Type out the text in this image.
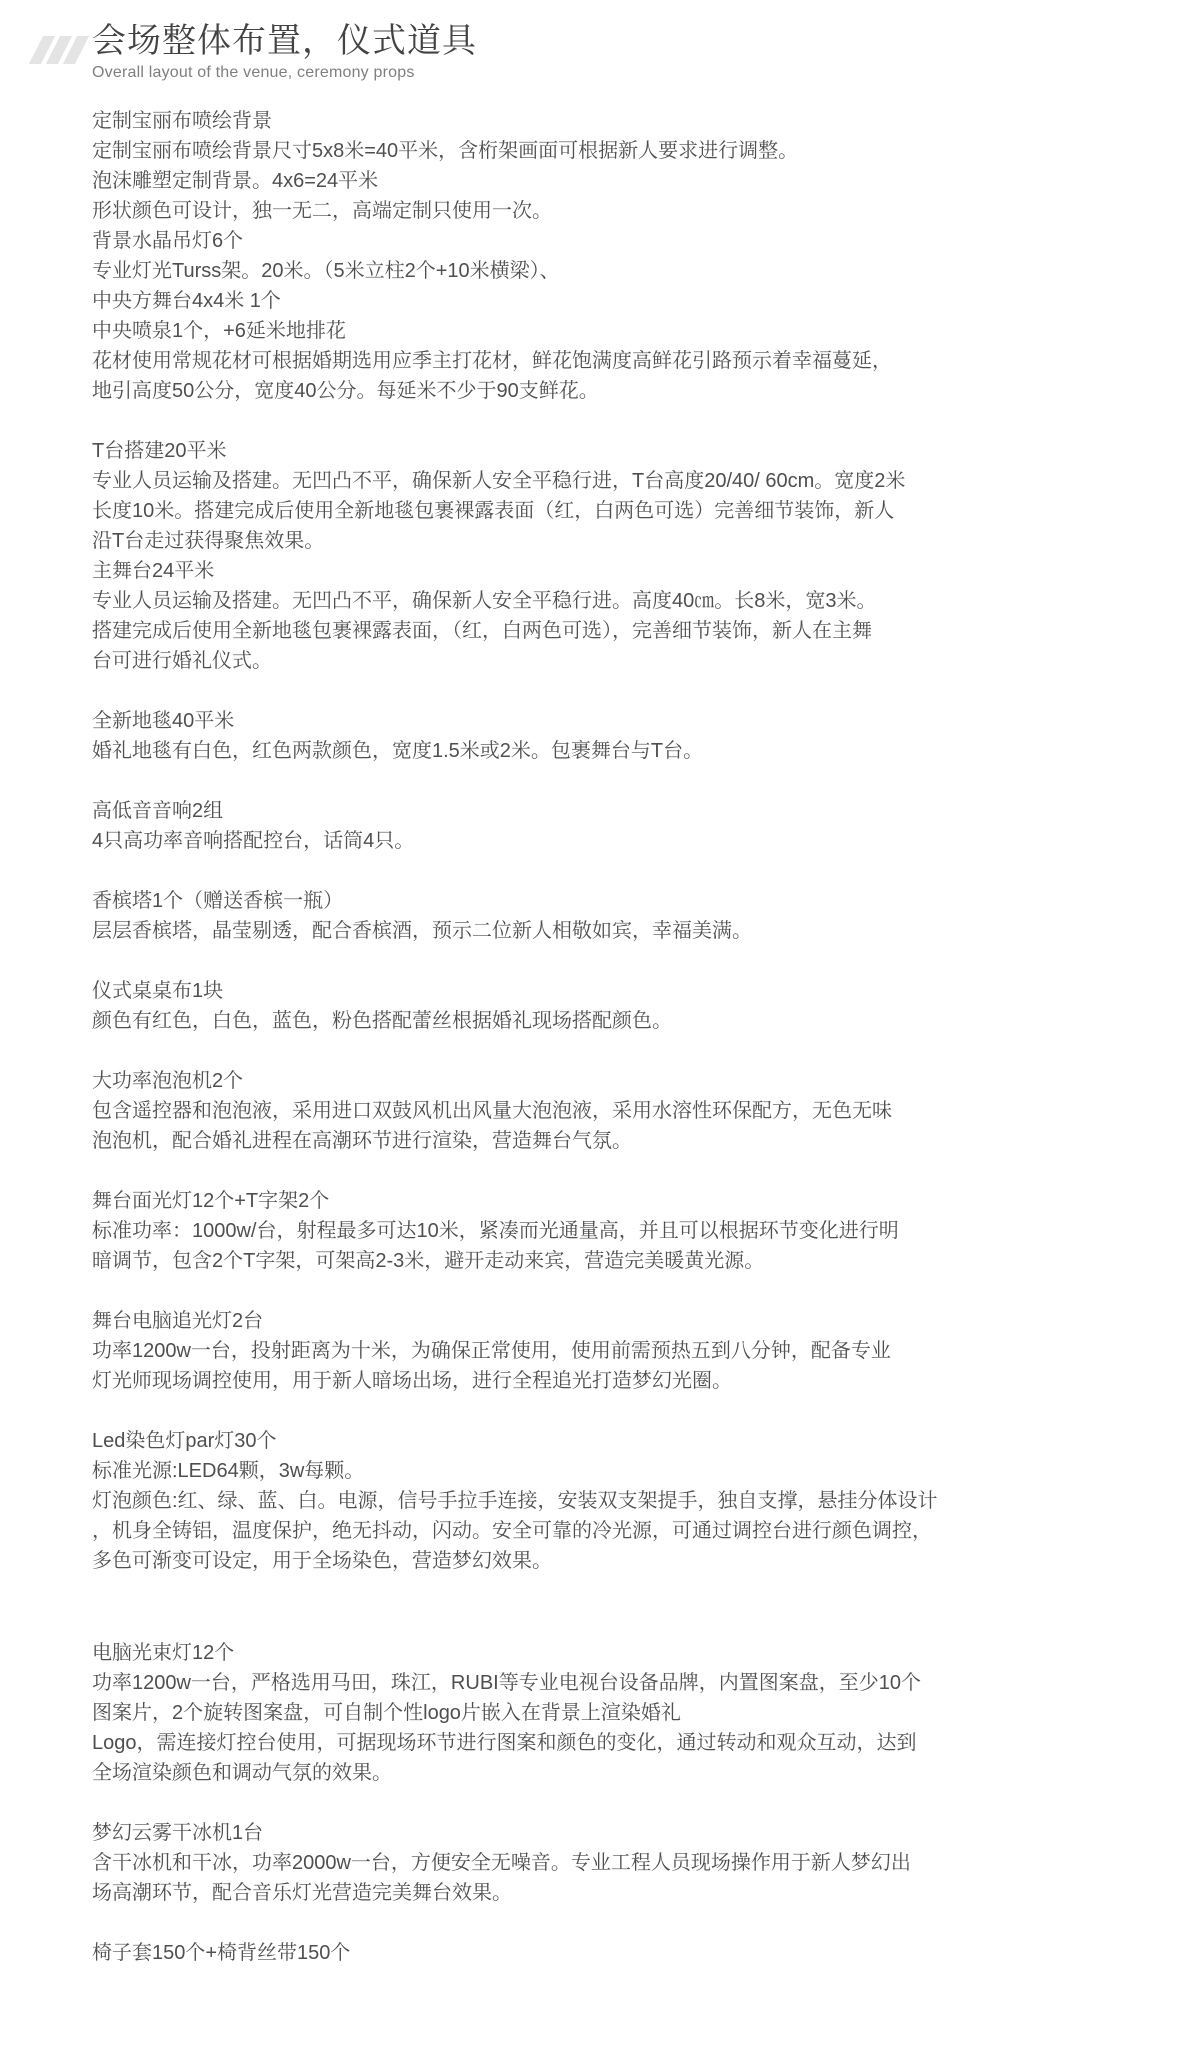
会场整体布置，仪式道具
Overall layout of the venue, ceremony props
定制宝丽布喷绘背景
定制宝丽布喷绘背景尺寸5x8米=40平米，含桁架画面可根据新人要求进行调整。
泡沫雕塑定制背景。4x6=24平米
形状颜色可设计，独一无二，高端定制只使用一次。
背景水晶吊灯6个
专业灯光Turss架。20米。（5米立柱2个+10米横梁）、
中央方舞台4x4米 1个
中央喷泉1个，+6延米地排花
花材使用常规花材可根据婚期选用应季主打花材，鲜花饱满度高鲜花引路预示着幸福蔓延，
地引高度50公分，宽度40公分。每延米不少于90支鲜花。
T台搭建20平米
专业人员运输及搭建。无凹凸不平，确保新人安全平稳行进，T台高度20/40/ 60cm。宽度2米
长度10米。搭建完成后使用全新地毯包裹裸露表面（红，白两色可选）完善细节装饰，新人
沿T台走过获得聚焦效果。
主舞台24平米
专业人员运输及搭建。无凹凸不平，确保新人安全平稳行进。高度40㎝。长8米，宽3米。
搭建完成后使用全新地毯包裹裸露表面，（红，白两色可选），完善细节装饰，新人在主舞
台可进行婚礼仪式。
全新地毯40平米
婚礼地毯有白色，红色两款颜色，宽度1.5米或2米。包裹舞台与T台。
高低音音响2组
4只高功率音响搭配控台，话筒4只。
香槟塔1个（赠送香槟一瓶）
层层香槟塔，晶莹剔透，配合香槟酒，预示二位新人相敬如宾，幸福美满。
仪式桌桌布1块
颜色有红色，白色，蓝色，粉色搭配蕾丝根据婚礼现场搭配颜色。
大功率泡泡机2个
包含遥控器和泡泡液，采用进口双鼓风机出风量大泡泡液，采用水溶性环保配方，无色无味
泡泡机，配合婚礼进程在高潮环节进行渲染，营造舞台气氛。
舞台面光灯12个+T字架2个
标准功率：1000w/台，射程最多可达10米，紧凑而光通量高，并且可以根据环节变化进行明
暗调节，包含2个T字架，可架高2-3米，避开走动来宾，营造完美暖黄光源。
舞台电脑追光灯2台
功率1200w一台，投射距离为十米，为确保正常使用，使用前需预热五到八分钟，配备专业
灯光师现场调控使用，用于新人暗场出场，进行全程追光打造梦幻光圈。
Led染色灯par灯30个
标准光源:LED64颗，3w每颗。
灯泡颜色:红、绿、蓝、白。电源，信号手拉手连接，安装双支架提手，独自支撑，悬挂分体设计
，机身全铸铝，温度保护，绝无抖动，闪动。安全可靠的冷光源，可通过调控台进行颜色调控，
多色可渐变可设定，用于全场染色，营造梦幻效果。
电脑光束灯12个
功率1200w一台，严格选用马田，珠江，RUBI等专业电视台设备品牌，内置图案盘，至少10个
图案片，2个旋转图案盘，可自制个性logo片嵌入在背景上渲染婚礼
Logo，需连接灯控台使用，可据现场环节进行图案和颜色的变化，通过转动和观众互动，达到
全场渲染颜色和调动气氛的效果。
梦幻云雾干冰机1台
含干冰机和干冰，功率2000w一台，方便安全无噪音。专业工程人员现场操作用于新人梦幻出
场高潮环节，配合音乐灯光营造完美舞台效果。
椅子套150个+椅背丝带150个
